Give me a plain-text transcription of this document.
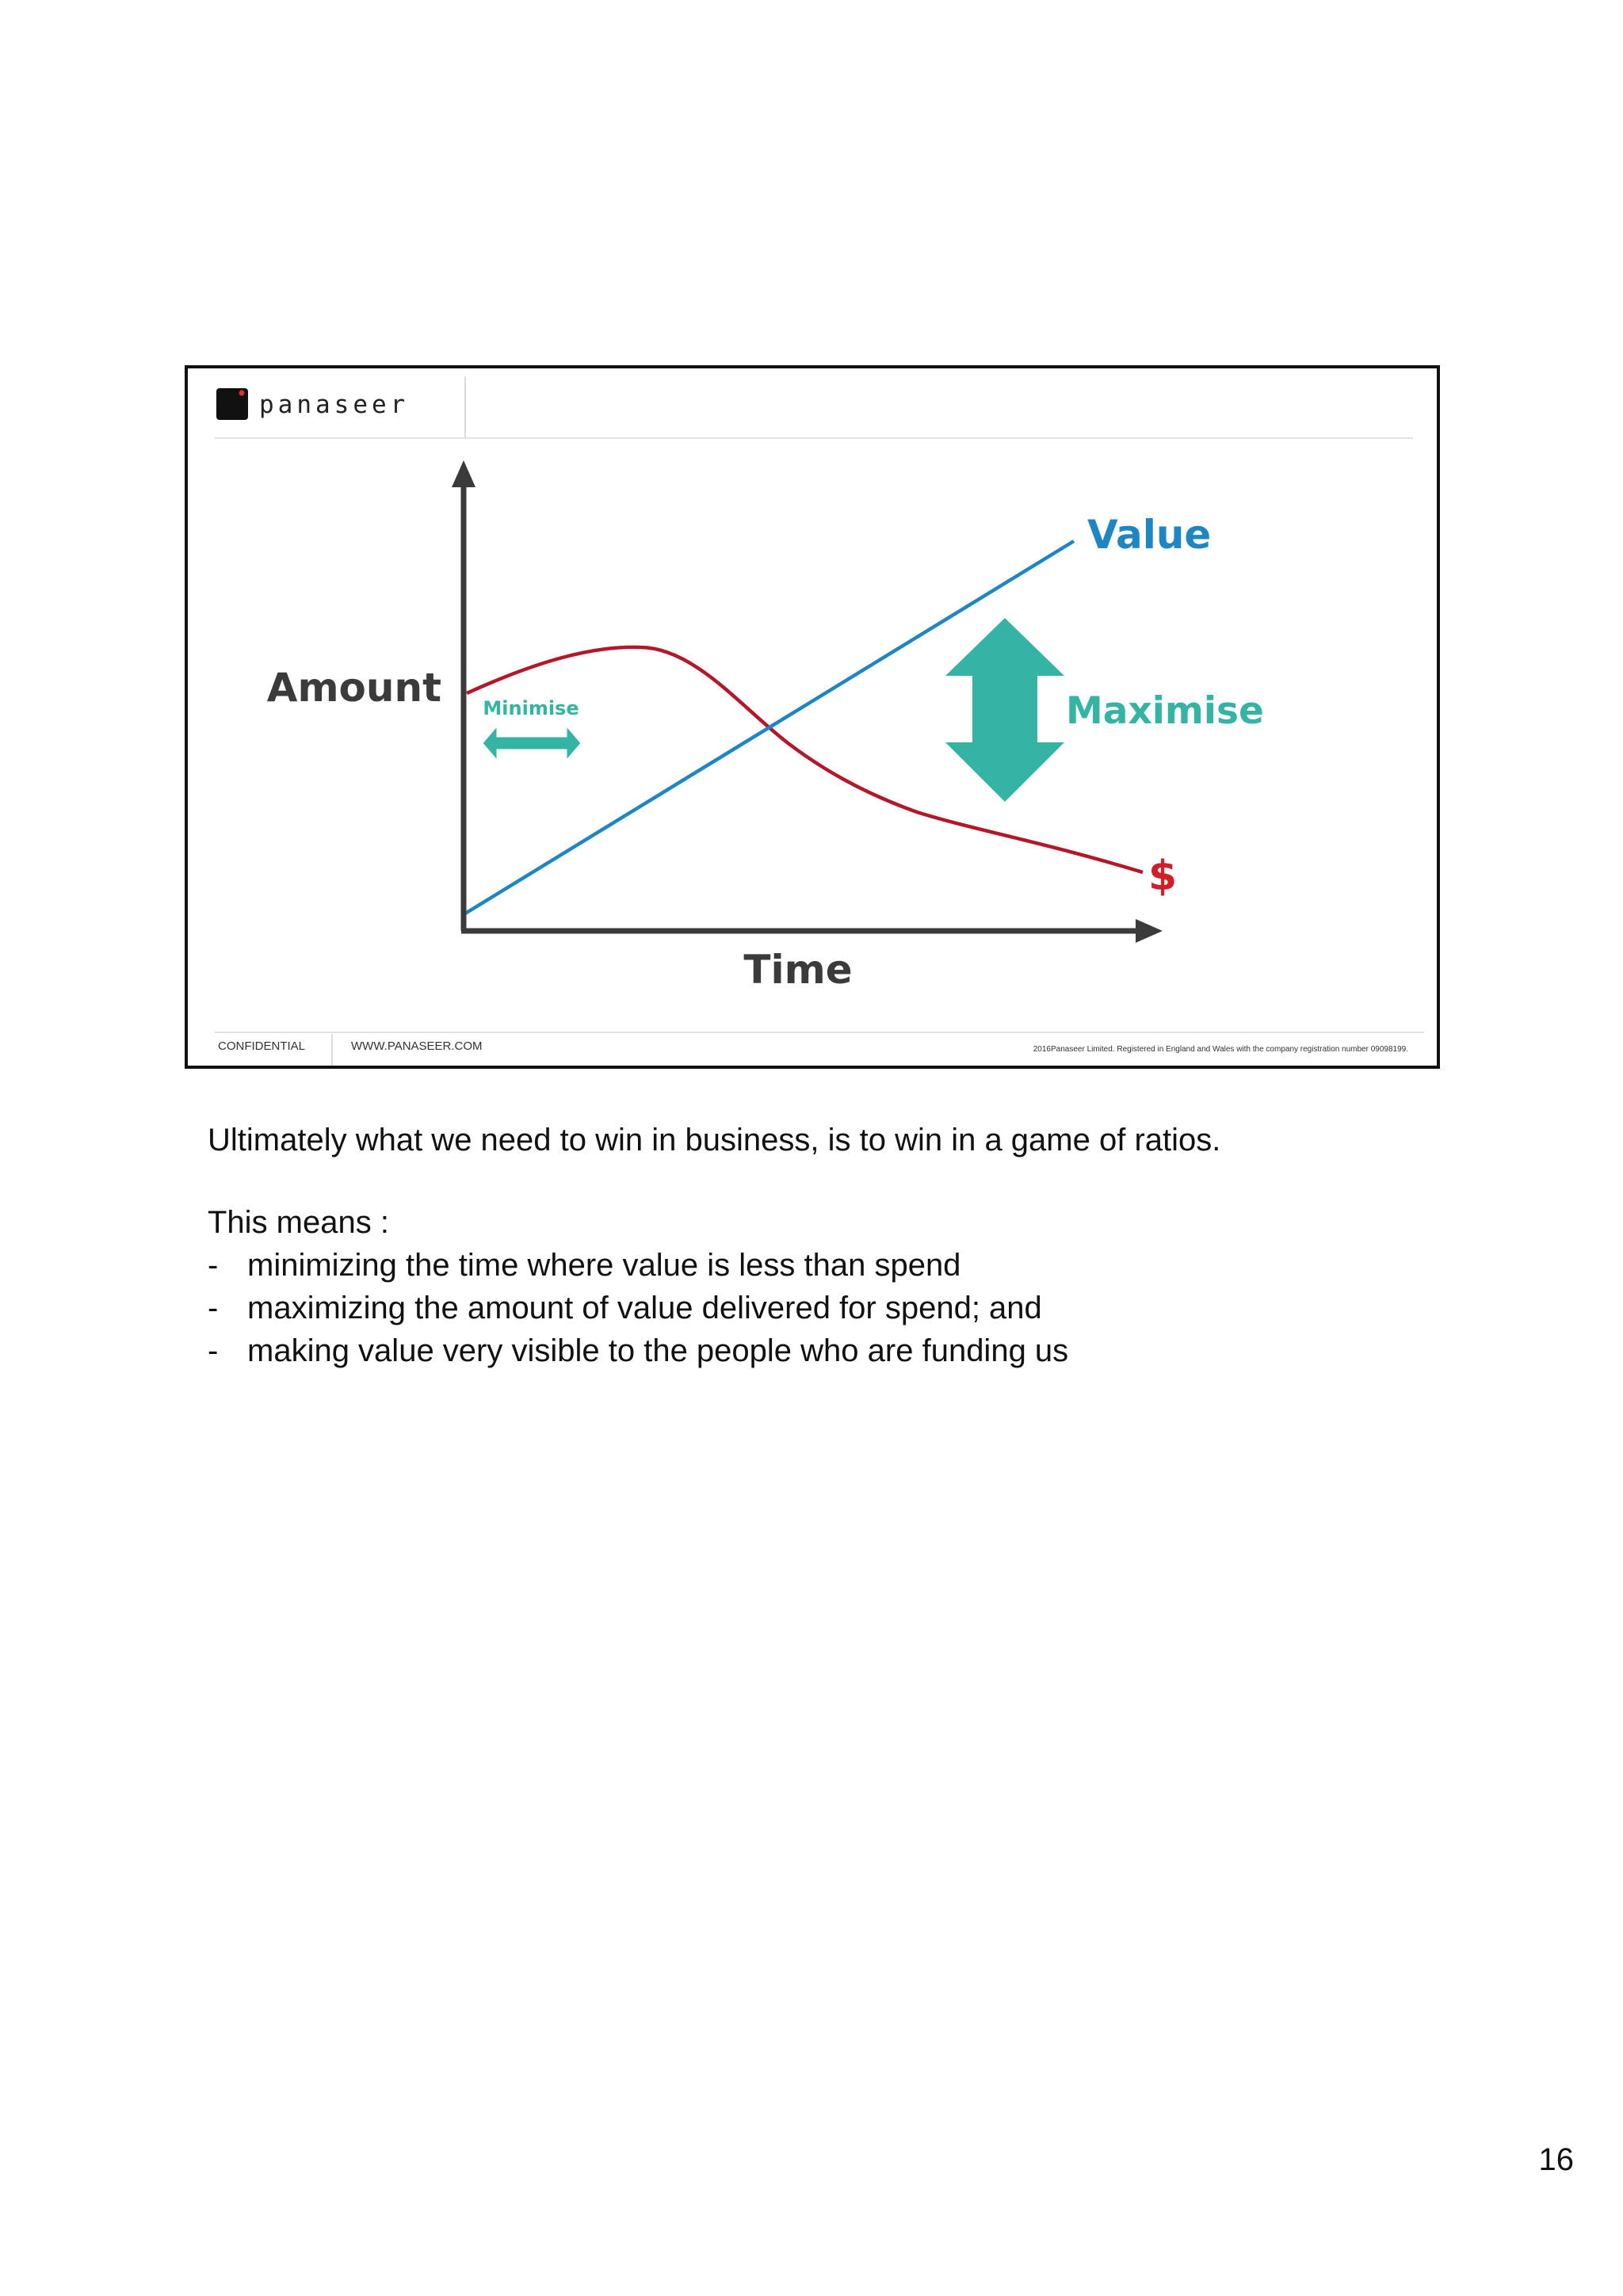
panaseer
Amount
Time
Value
$
Minimise	Maximise
CONFIDENTIAL	WWW.PANASEER.COM	2016Panaseer Limited. Registered in England and Wales with the company registration number 09098199.

Ultimately what we need to win in business, is to win in a game of ratios.

This means :

- minimizing the time where value is less than spend
- maximizing the amount of value delivered for spend; and
- making value very visible to the people who are funding us
16
